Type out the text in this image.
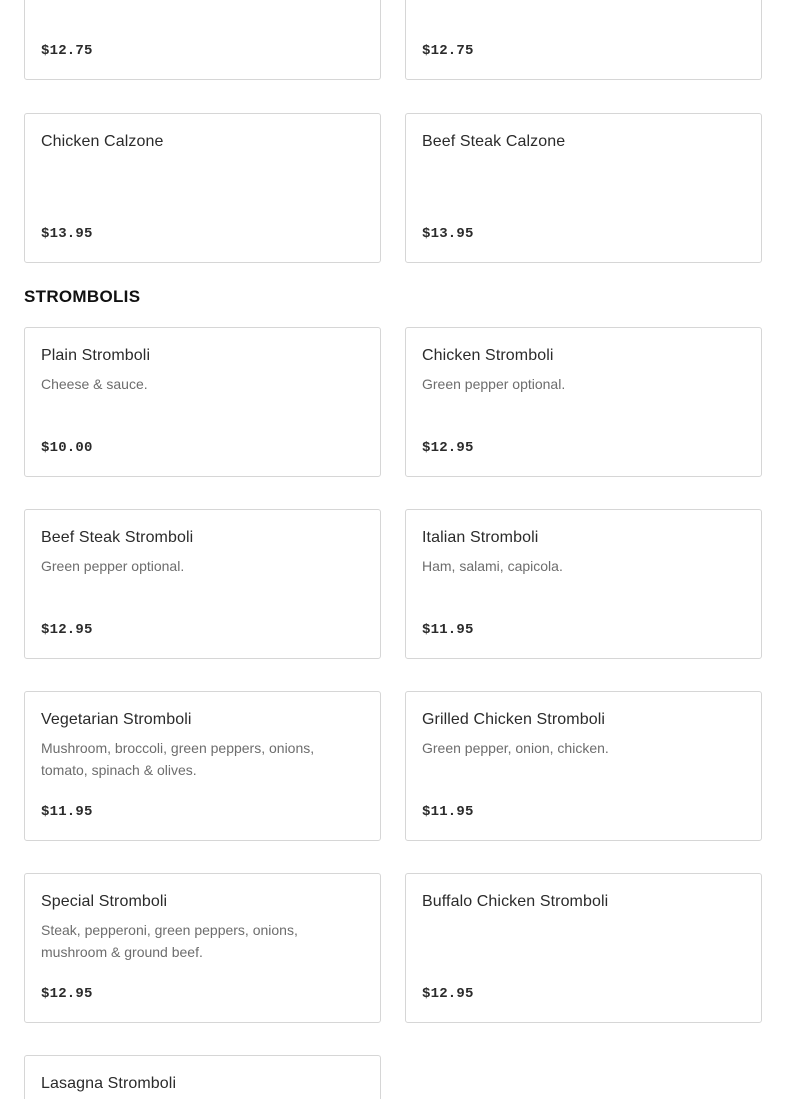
$12.75	$12.75
Chicken Calzone
$13.95
Beef Steak Calzone
$13.95
STROMBOLIS
Plain Stromboli
Cheese & sauce.
$10.00
Chicken Stromboli
Green pepper optional.
$12.95
Beef Steak Stromboli
Green pepper optional.
$12.95
Italian Stromboli
Ham, salami, capicola.
$11.95
Vegetarian Stromboli
Mushroom, broccoli, green peppers, onions, tomato, spinach & olives.
$11.95
Grilled Chicken Stromboli
Green pepper, onion, chicken.
$11.95
Special Stromboli
Steak, pepperoni, green peppers, onions, mushroom & ground beef.
$12.95
Buffalo Chicken Stromboli
$12.95
Lasagna Stromboli
